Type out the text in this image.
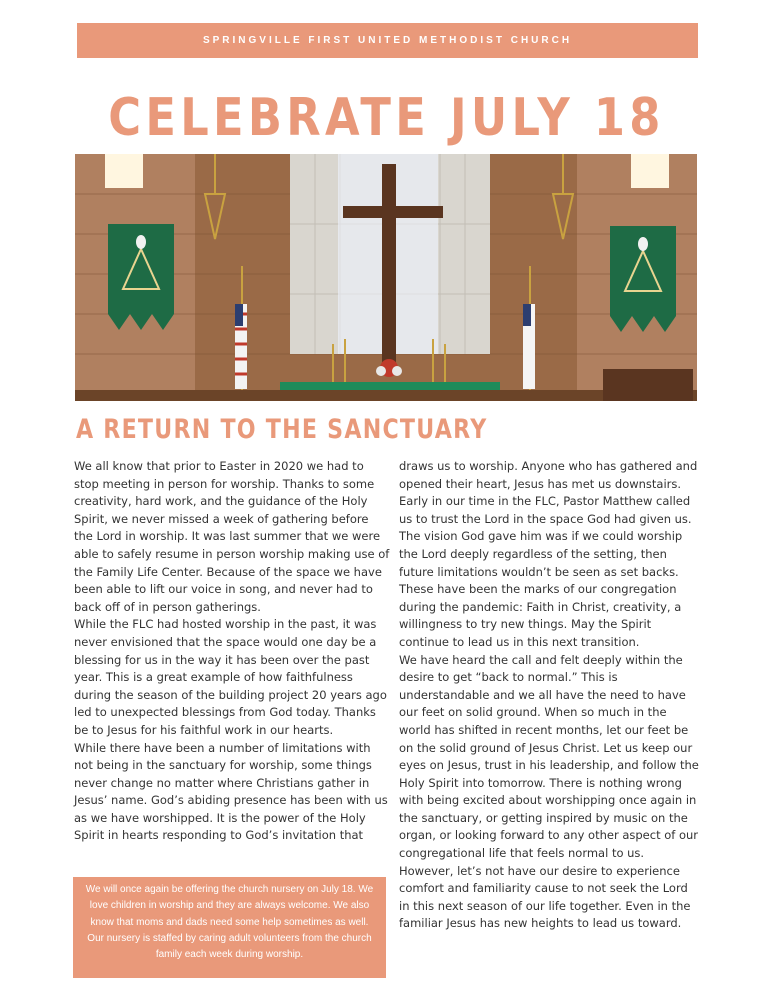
SPRINGVILLE FIRST UNITED METHODIST CHURCH
CELEBRATE JULY 18
A RETURN TO THE SANCTUARY

We all know that prior to Easter in 2020 we had to stop meeting in person for worship. Thanks to some creativity, hard work, and the guidance of the Holy Spirit, we never missed a week of gathering before the Lord in worship. It was last summer that we were able to safely resume in person worship making use of the Family Life Center. Because of the space we have been able to lift our voice in song, and never had to back off of in person gatherings.

While the FLC had hosted worship in the past, it was never envisioned that the space would one day be a blessing for us in the way it has been over the past year. This is a great example of how faithfulness during the season of the building project 20 years ago led to unexpected blessings from God today. Thanks be to Jesus for his faithful work in our hearts.

While there have been a number of limitations with not being in the sanctuary for worship, some things never change no matter where Christians gather in Jesus’ name. God’s abiding presence has been with us as we have worshipped. It is the power of the Holy Spirit in hearts responding to God’s invitation that

draws us to worship. Anyone who has gathered and opened their heart, Jesus has met us downstairs.

Early in our time in the FLC, Pastor Matthew called us to trust the Lord in the space God had given us. The vision God gave him was if we could worship the Lord deeply regardless of the setting, then future limitations wouldn’t be seen as set backs. These have been the marks of our congregation during the pandemic: Faith in Christ, creativity, a willingness to try new things. May the Spirit continue to lead us in this next transition.

We have heard the call and felt deeply within the desire to get “back to normal.” This is understandable and we all have the need to have our feet on solid ground. When so much in the world has shifted in recent months, let our feet be on the solid ground of Jesus Christ. Let us keep our eyes on Jesus, trust in his leadership, and follow the Holy Spirit into tomorrow. There is nothing wrong with being excited about worshipping once again in the sanctuary, or getting inspired by music on the organ, or looking forward to any other aspect of our congregational life that feels normal to us.

However, let’s not have our desire to experience comfort and familiarity cause to not seek the Lord in this next season of our life together. Even in the familiar Jesus has new heights to lead us toward.

We will once again be offering the church nursery on July 18. We love children in worship and they are always welcome. We also know that moms and dads need some help sometimes as well. Our nursery is staffed by caring adult volunteers from the church family each week during worship.
